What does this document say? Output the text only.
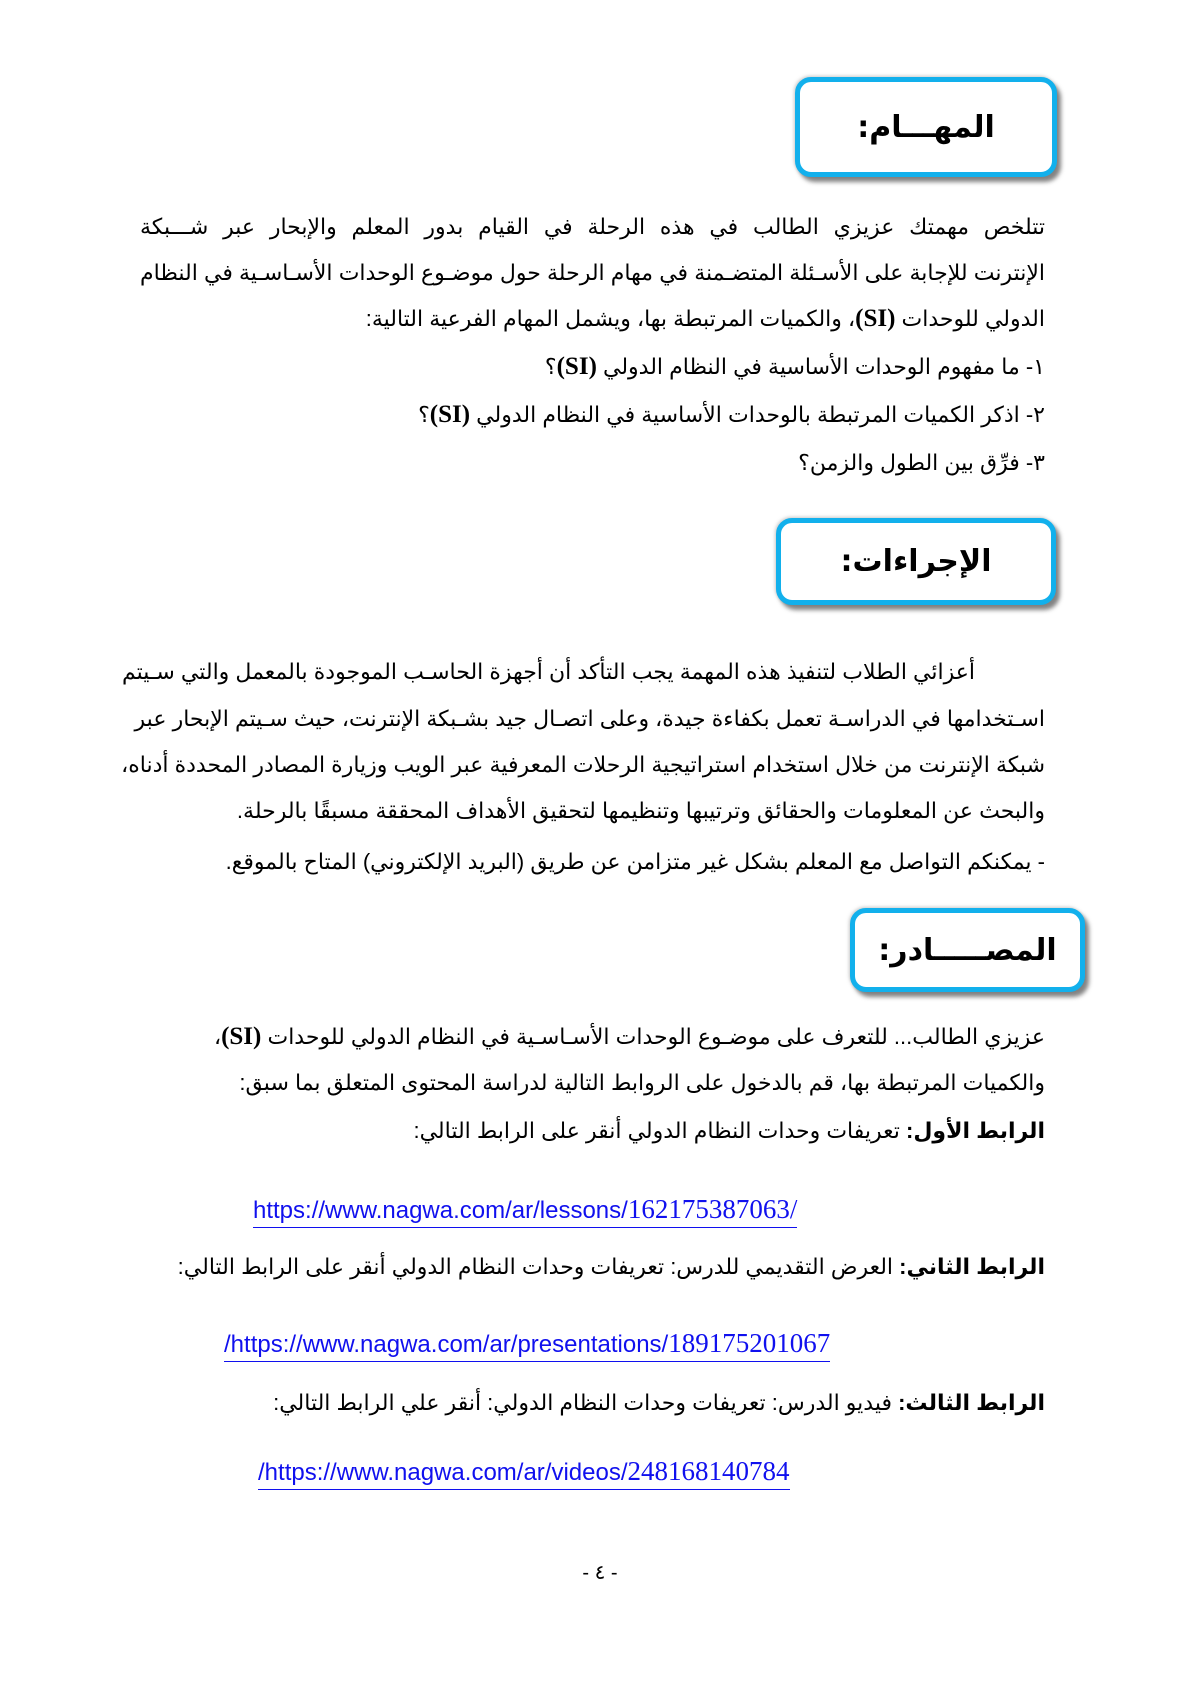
المهـــام:
تتلخص مهمتك عزيزي الطالب في هذه الرحلة في القيام بدور المعلم والإبحار عبر شـــبكة
الإنترنت للإجابة على الأسـئلة المتضـمنة في مهام الرحلة حول موضـوع الوحدات الأسـاسـية في النظام
الدولي للوحدات (SI)، والكميات المرتبطة بها، ويشمل المهام الفرعية التالية:
١- ما مفهوم الوحدات الأساسية في النظام الدولي (SI)؟
٢- اذكر الكميات المرتبطة بالوحدات الأساسية في النظام الدولي (SI)؟
٣- فرِّق بين الطول والزمن؟
الإجراءات:
أعزائي الطلاب لتنفيذ هذه المهمة يجب التأكد أن أجهزة الحاسـب الموجودة بالمعمل والتي سـيتم
اسـتخدامها في الدراسـة تعمل بكفاءة جيدة، وعلى اتصـال جيد بشـبكة الإنترنت، حيث سـيتم الإبحار عبر
شبكة الإنترنت من خلال استخدام استراتيجية الرحلات المعرفية عبر الويب وزيارة المصادر المحددة أدناه،
والبحث عن المعلومات والحقائق وترتيبها وتنظيمها لتحقيق الأهداف المحققة مسبقًا بالرحلة.
- يمكنكم التواصل مع المعلم بشكل غير متزامن عن طريق (البريد الإلكتروني) المتاح بالموقع.
المصـــــادر:
عزيزي الطالب... للتعرف على موضـوع الوحدات الأسـاسـية في النظام الدولي للوحدات (SI)،
والكميات المرتبطة بها، قم بالدخول على الروابط التالية لدراسة المحتوى المتعلق بما سبق:
الرابط الأول: تعريفات وحدات النظام الدولي أنقر على الرابط التالي:
https://www.nagwa.com/ar/lessons/162175387063/
الرابط الثاني: العرض التقديمي للدرس: تعريفات وحدات النظام الدولي أنقر على الرابط التالي:
/https://www.nagwa.com/ar/presentations/189175201067
الرابط الثالث: فيديو الدرس: تعريفات وحدات النظام الدولي: أنقر علي الرابط التالي:
/https://www.nagwa.com/ar/videos/248168140784
- ٤ -
